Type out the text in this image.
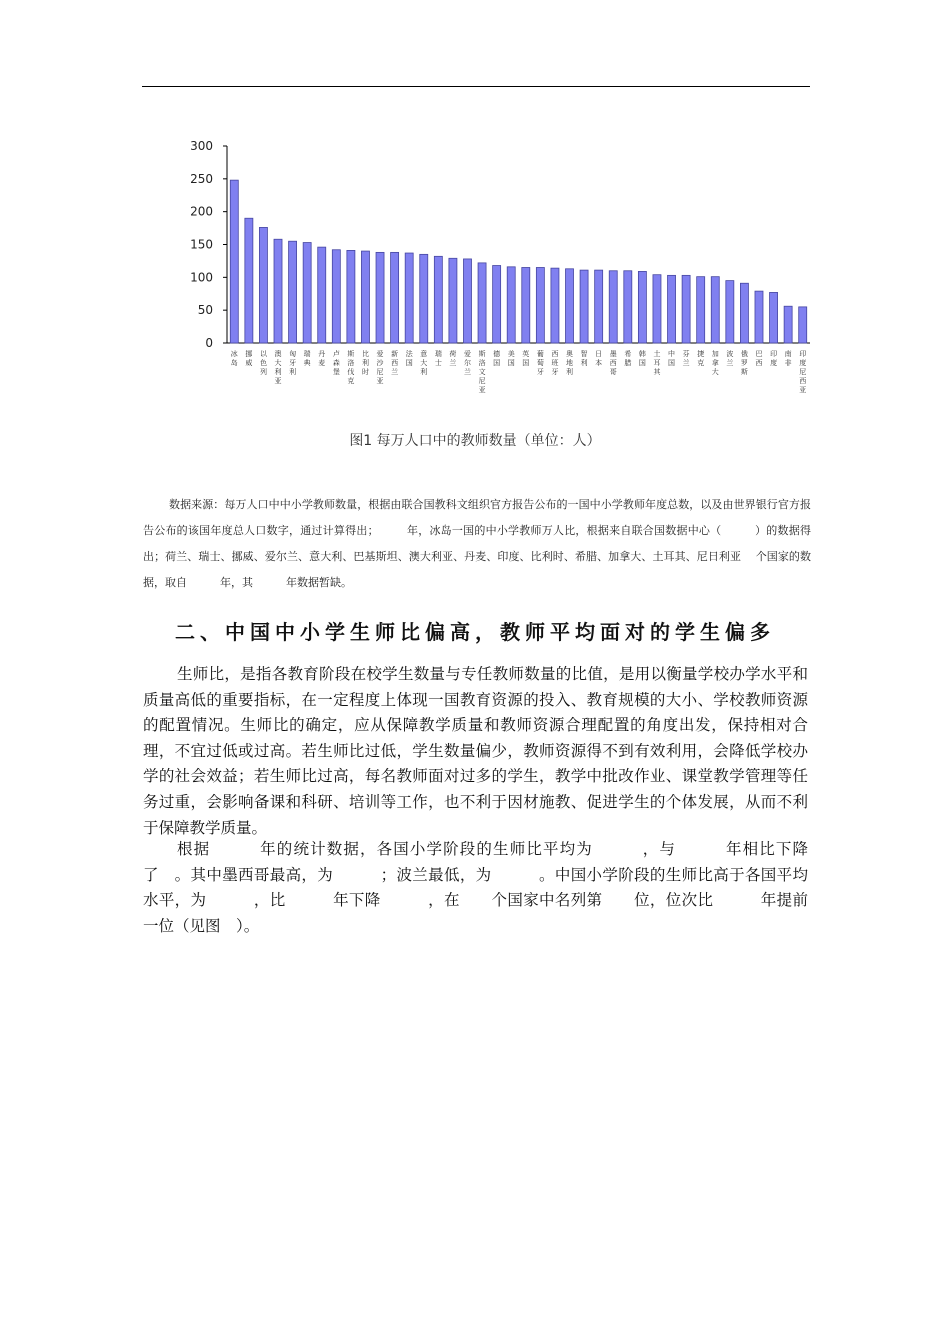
0
50
100
150
200
250
300
冰岛
挪威
以色列
澳大利亚
匈牙利
瑞典
丹麦
卢森堡
斯洛伐克
比利时
爱沙尼亚
新西兰
法国
意大利
瑞士
荷兰
爱尔兰
斯洛文尼亚
德国
美国
英国
葡萄牙
西班牙
奥地利
智利
日本
墨西哥
希腊
韩国
土耳其
中国
芬兰
捷克
加拿大
波兰
俄罗斯
巴西
印度
南非
印度尼西亚
图1 每万人口中的教师数量（单位：人）
数据来源：每万人口中中小学教师数量，根据由联合国教科文组织官方报告公布的一国中小学教师年度总数，以及由世界银行官方报告公布的该国年度总人口数字，通过计算得出；　　　年，冰岛一国的中小学教师万人比，根据来自联合国数据中心（　　　）的数据得出；荷兰、瑞士、挪威、爱尔兰、意大利、巴基斯坦、澳大利亚、丹麦、印度、比利时、希腊、加拿大、土耳其、尼日利亚　 个国家的数据，取自　　　年，其　　　年数据暂缺。
二、中国中小学生师比偏高，教师平均面对的学生偏多
生师比，是指各教育阶段在校学生数量与专任教师数量的比值，是用以衡量学校办学水平和质量高低的重要指标，在一定程度上体现一国教育资源的投入、教育规模的大小、学校教师资源的配置情况。生师比的确定，应从保障教学质量和教师资源合理配置的角度出发，保持相对合理，不宜过低或过高。若生师比过低，学生数量偏少，教师资源得不到有效利用，会降低学校办学的社会效益；若生师比过高，每名教师面对过多的学生，教学中批改作业、课堂教学管理等任务过重，会影响备课和科研、培训等工作，也不利于因材施教、促进学生的个体发展，从而不利于保障教学质量。
根据　　　年的统计数据，各国小学阶段的生师比平均为　　　，与　　　年相比下降了　。其中墨西哥最高，为　　　；波兰最低，为　　　。中国小学阶段的生师比高于各国平均水平，为　　　，比　　　年下降　　　，在　　个国家中名列第　　位，位次比　　　年提前一位（见图　）。
